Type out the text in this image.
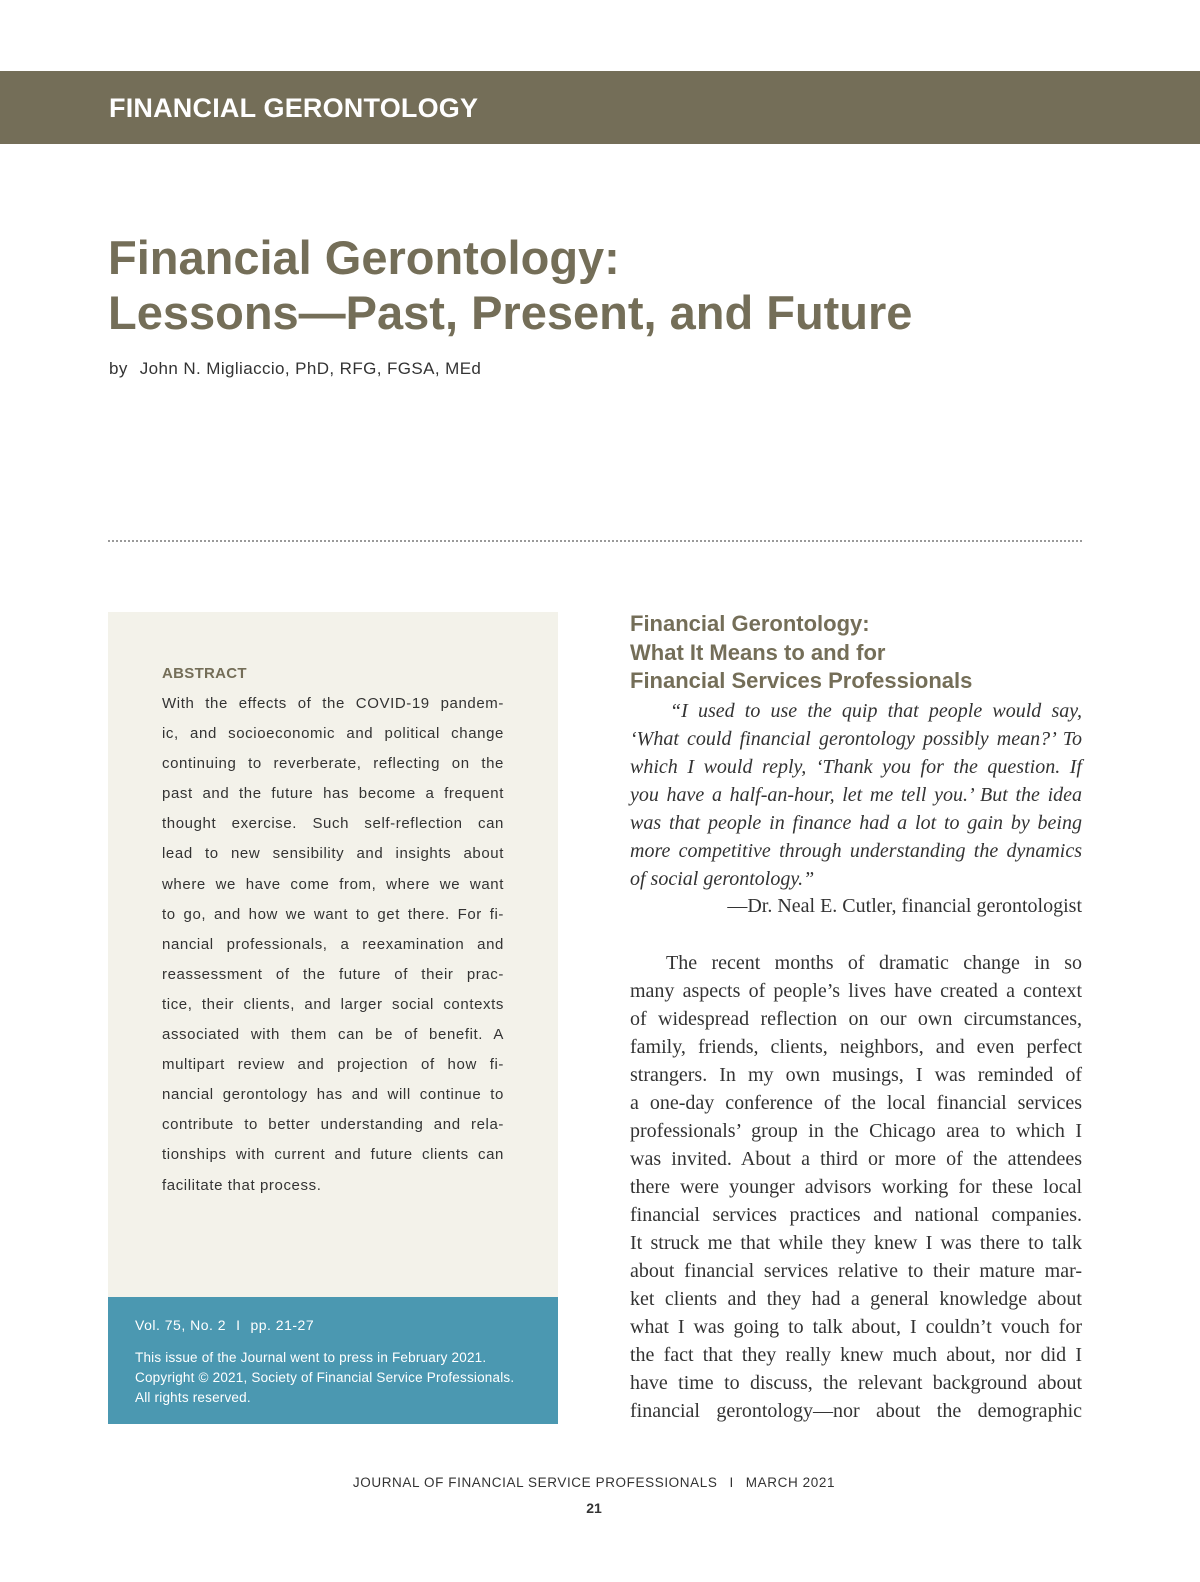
FINANCIAL GERONTOLOGY
Financial Gerontology:
Lessons—Past, Present, and Future
by John N. Migliaccio, PhD, RFG, FGSA, MEd
ABSTRACT
With the effects of the COVID-19 pandem-
ic, and socioeconomic and political change
continuing to reverberate, reflecting on the
past and the future has become a frequent
thought exercise. Such self-reflection can
lead to new sensibility and insights about
where we have come from, where we want
to go, and how we want to get there. For fi-
nancial professionals, a reexamination and
reassessment of the future of their prac-
tice, their clients, and larger social contexts
associated with them can be of benefit. A
multipart review and projection of how fi-
nancial gerontology has and will continue to
contribute to better understanding and rela-
tionships with current and future clients can
facilitate that process.
Vol. 75, No. 2 I pp. 21-27
This issue of the Journal went to press in February 2021.
Copyright © 2021, Society of Financial Service Professionals.
All rights reserved.
Financial Gerontology:
What It Means to and for
Financial Services Professionals
“I used to use the quip that people would say,
‘What could financial gerontology possibly mean?’ To
which I would reply, ‘Thank you for the question. If
you have a half-an-hour, let me tell you.’ But the idea
was that people in finance had a lot to gain by being
more competitive through understanding the dynamics
of social gerontology.”
—Dr. Neal E. Cutler, financial gerontologist
The recent months of dramatic change in so
many aspects of people’s lives have created a context
of widespread reflection on our own circumstances,
family, friends, clients, neighbors, and even perfect
strangers. In my own musings, I was reminded of
a one-day conference of the local financial services
professionals’ group in the Chicago area to which I
was invited. About a third or more of the attendees
there were younger advisors working for these local
financial services practices and national companies.
It struck me that while they knew I was there to talk
about financial services relative to their mature mar-
ket clients and they had a general knowledge about
what I was going to talk about, I couldn’t vouch for
the fact that they really knew much about, nor did I
have time to discuss, the relevant background about
financial gerontology—nor about the demographic
JOURNAL OF FINANCIAL SERVICE PROFESSIONALS I MARCH 2021
21
